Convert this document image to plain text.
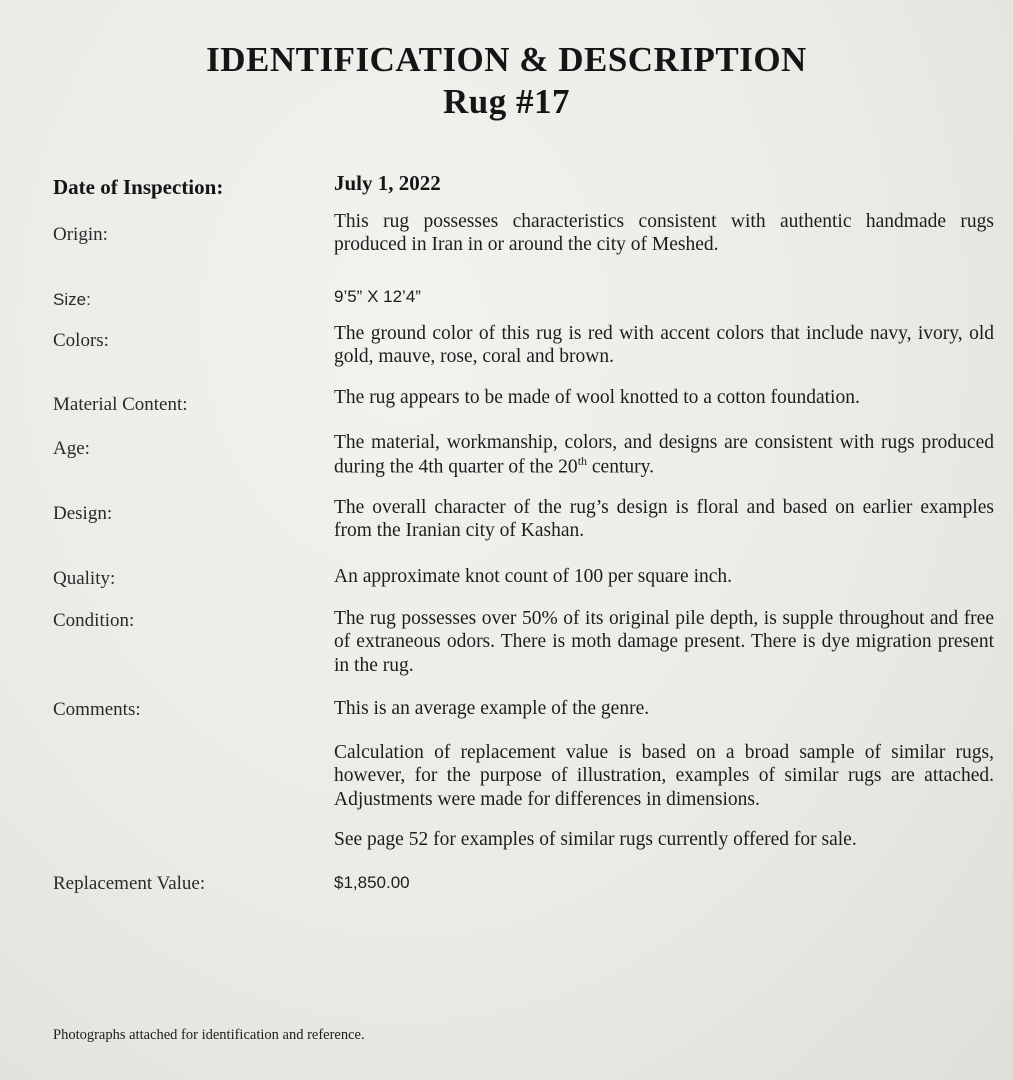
IDENTIFICATION & DESCRIPTION
Rug #17
Date of Inspection:	July 1, 2022
Origin:
This rug possesses characteristics consistent with authentic handmade rugs produced in Iran in or around the city of Meshed.
Size:	9’5” X 12’4”
Colors:	The ground color of this rug is red with accent colors that include navy, ivory, old gold, mauve, rose, coral and brown.
Material Content:	The rug appears to be made of wool knotted to a cotton foundation.
Age:	The material, workmanship, colors, and designs are consistent with rugs produced during the 4th quarter of the 20th century.
Design:	The overall character of the rug’s design is floral and based on earlier examples from the Iranian city of Kashan.
Quality:	An approximate knot count of 100 per square inch.
Condition:	The rug possesses over 50% of its original pile depth, is supple throughout and free of extraneous odors. There is moth damage present. There is dye migration present in the rug.
Comments:	This is an average example of the genre.
Calculation of replacement value is based on a broad sample of similar rugs, however, for the purpose of illustration, examples of similar rugs are attached. Adjustments were made for differences in dimensions.
See page 52 for examples of similar rugs currently offered for sale.
Replacement Value:	$1,850.00
Photographs attached for identification and reference.
